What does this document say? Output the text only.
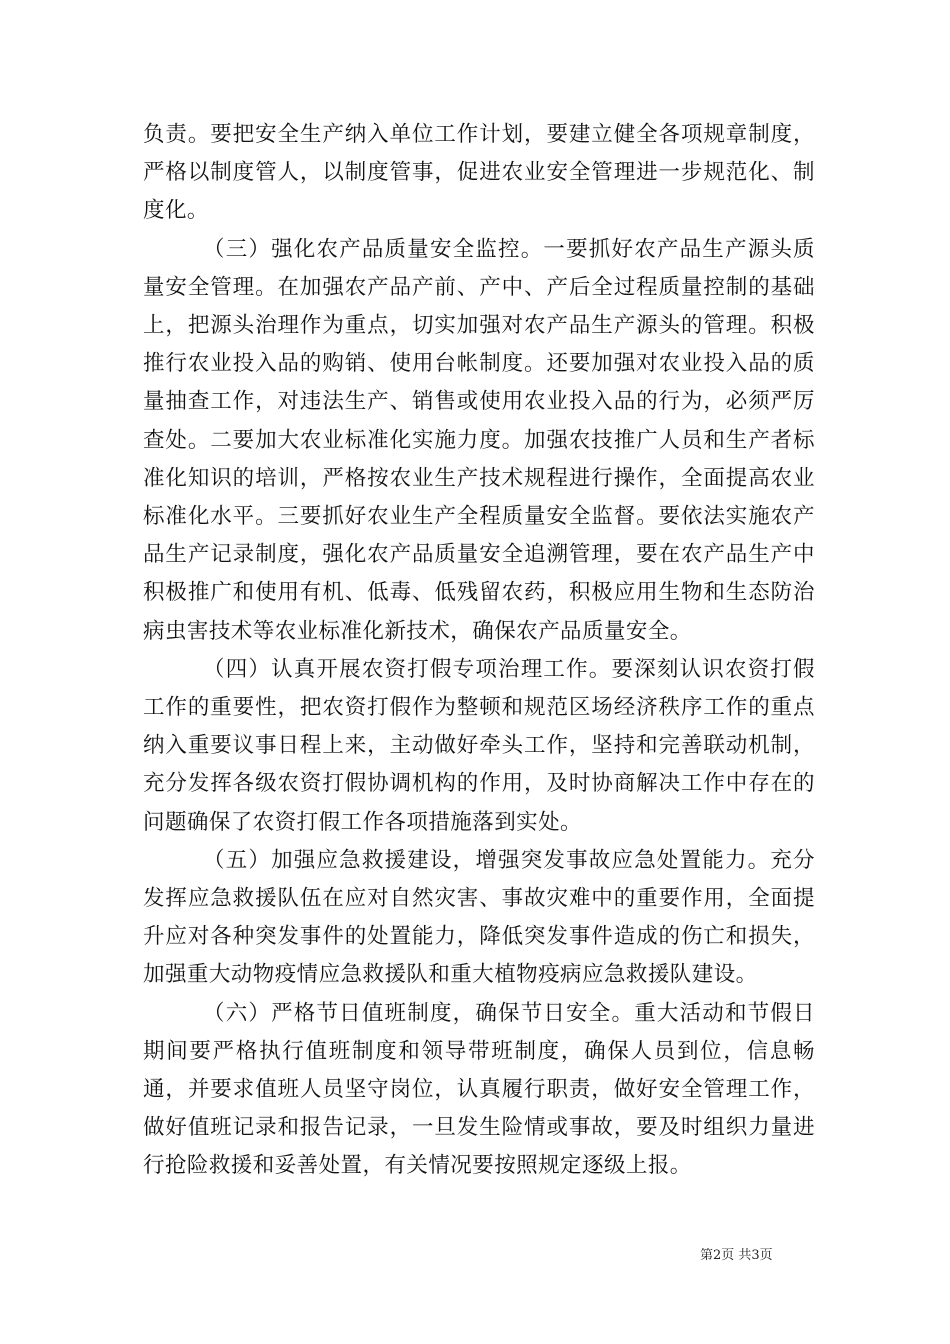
负责。要把安全生产纳入单位工作计划，要建立健全各项规章制度，严格以制度管人，以制度管事，促进农业安全管理进一步规范化、制度化。

（三）强化农产品质量安全监控。一要抓好农产品生产源头质量安全管理。在加强农产品产前、产中、产后全过程质量控制的基础上，把源头治理作为重点，切实加强对农产品生产源头的管理。积极推行农业投入品的购销、使用台帐制度。还要加强对农业投入品的质量抽查工作，对违法生产、销售或使用农业投入品的行为，必须严厉查处。二要加大农业标准化实施力度。加强农技推广人员和生产者标准化知识的培训，严格按农业生产技术规程进行操作，全面提高农业标准化水平。三要抓好农业生产全程质量安全监督。要依法实施农产品生产记录制度，强化农产品质量安全追溯管理，要在农产品生产中积极推广和使用有机、低毒、低残留农药，积极应用生物和生态防治病虫害技术等农业标准化新技术，确保农产品质量安全。

（四）认真开展农资打假专项治理工作。要深刻认识农资打假工作的重要性，把农资打假作为整顿和规范区场经济秩序工作的重点纳入重要议事日程上来，主动做好牵头工作，坚持和完善联动机制，充分发挥各级农资打假协调机构的作用，及时协商解决工作中存在的问题确保了农资打假工作各项措施落到实处。

（五）加强应急救援建设，增强突发事故应急处置能力。充分发挥应急救援队伍在应对自然灾害、事故灾难中的重要作用，全面提升应对各种突发事件的处置能力，降低突发事件造成的伤亡和损失，加强重大动物疫情应急救援队和重大植物疫病应急救援队建设。

（六）严格节日值班制度，确保节日安全。重大活动和节假日期间要严格执行值班制度和领导带班制度，确保人员到位，信息畅通，并要求值班人员坚守岗位，认真履行职责，做好安全管理工作，做好值班记录和报告记录，一旦发生险情或事故，要及时组织力量进行抢险救援和妥善处置，有关情况要按照规定逐级上报。

第2页 共3页
